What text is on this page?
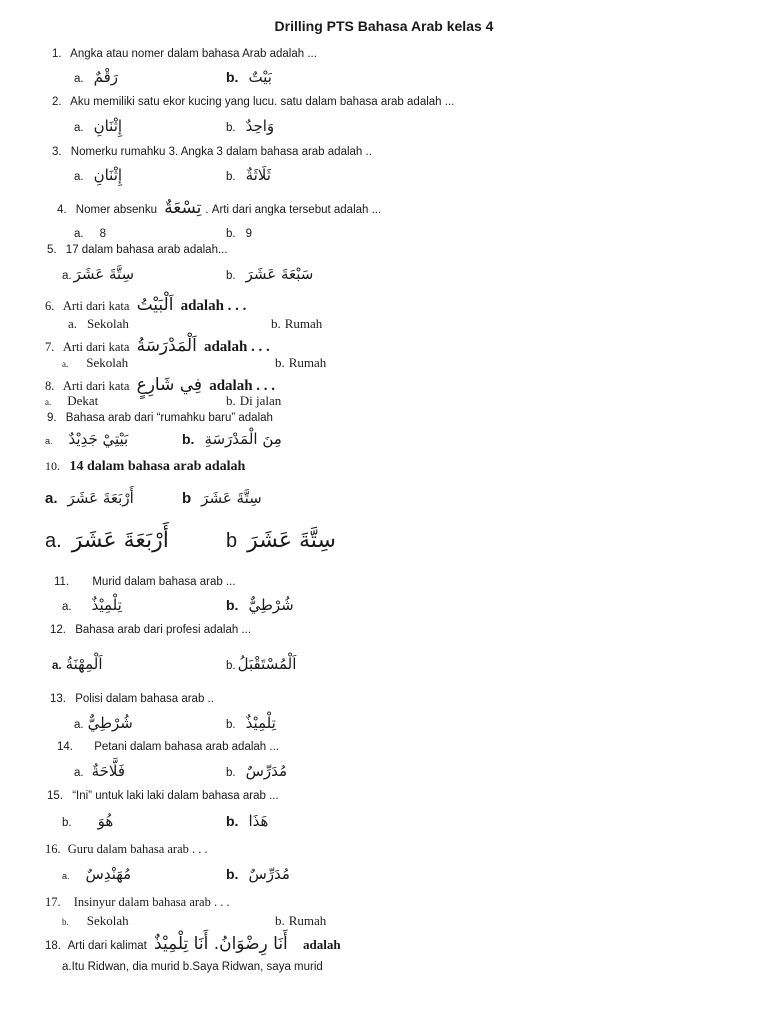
Drilling PTS Bahasa Arab kelas 4
1. Angka atau nomer dalam bahasa Arab adalah ...
a. رَقْمٌ	b. بَيْتٌ
2. Aku memiliki satu ekor kucing yang lucu. satu dalam bahasa arab adalah ...
a. إِثْنَانِ	b. وَاحِدٌ
3. Nomerku rumahku 3. Angka 3 dalam bahasa arab adalah ..
a. إِثْنَانِ	b. ثَلَاثَةٌ
4. Nomer absenku تِسْعَةٌ . Arti dari angka tersebut adalah ...
a. 8	b. 9
5. 17 dalam bahasa arab adalah...
a. سِتَّةَ عَشَرَ	b. سَبْعَةَ عَشَرَ
6. Arti dari kata اَلْبَيْتُ adalah . . .
a. Sekolah	b. Rumah
7. Arti dari kata اَلْمَدْرَسَةُ adalah . . .
a. Sekolah	b. Rumah
8. Arti dari kata فِي شَارِعٍ adalah . . .
a. Dekat	b. Di jalan
9. Bahasa arab dari “rumahku baru” adalah
a. بَيْتِيْ جَدِيْدٌ	b. مِنَ الْمَدْرَسَةِ
10. 14 dalam bahasa arab adalah
a. أَرْبَعَةَ عَشَرَ	b سِتَّةَ عَشَرَ
a. أَرْبَعَةَ عَشَرَ	b سِتَّةَ عَشَرَ
11. Murid dalam bahasa arab ...
a. تِلْمِيْذٌ	b. شُرْطِيٌّ
12. Bahasa arab dari profesi adalah ...
a. اَلْمِهْنَةُ	b. اَلْمُسْتَقْبَلُ
13. Polisi dalam bahasa arab ..
a. شُرْطِيٌّ	b. تِلْمِيْذٌ
14. Petani dalam bahasa arab adalah ...
a. فَلَّاحَةٌ	b. مُدَرِّسٌ
15. “Ini” untuk laki laki dalam bahasa arab ...
b. هُوَ	b. هَذَا
16. Guru dalam bahasa arab . . .
a. مُهَنْدِسٌ	b. مُدَرِّسٌ
17. Insinyur dalam bahasa arab . . .
b. Sekolah	b. Rumah
18. Arti dari kalimat أَنَا رِضْوَانُ. أَنَا تِلْمِيْذٌ adalah
a.Itu Ridwan, dia murid b.Saya Ridwan, saya murid
